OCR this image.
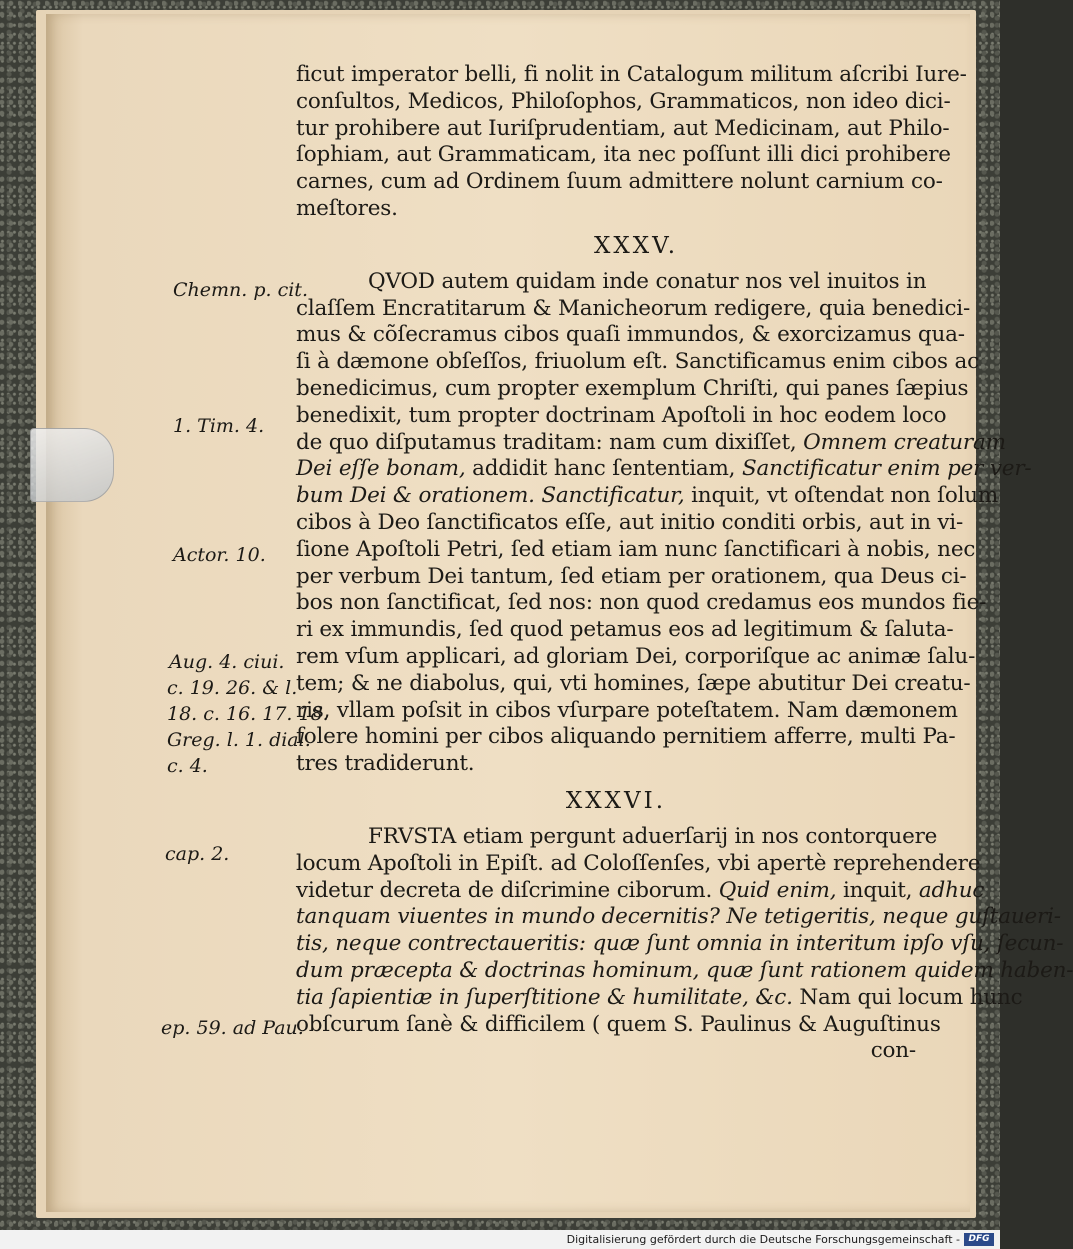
ficut imperator belli, fi nolit in Catalogum militum aſcribi Iure-
conſultos, Medicos, Philoſophos, Grammaticos, non ideo dici-
tur prohibere aut Iuriſprudentiam, aut Medicinam, aut Philo-
ſophiam, aut Grammaticam, ita nec poſſunt illi dici prohibere
carnes, cum ad Ordinem ſuum admittere nolunt carnium co-
meſtores.
XXXV.
QVOD autem quidam inde conatur nos vel inuitos in
claſſem Encratitarum & Manicheorum redigere, quia benedici-
mus & cõſecramus cibos quaſi immundos, & exorcizamus qua-
ſi à dæmone obſeſſos, friuolum eſt. Sanctificamus enim cibos ac
benedicimus, cum propter exemplum Chriſti, qui panes ſæpius
benedixit, tum propter doctrinam Apoſtoli in hoc eodem loco
de quo diſputamus traditam: nam cum dixiſſet, Omnem creaturam
Dei eſſe bonam, addidit hanc ſententiam, Sanctificatur enim per ver-
bum Dei & orationem. Sanctificatur, inquit, vt oſtendat non ſolum
cibos à Deo ſanctificatos eſſe, aut initio conditi orbis, aut in vi-
ſione Apoſtoli Petri, ſed etiam iam nunc ſanctificari à nobis, nec
per verbum Dei tantum, ſed etiam per orationem, qua Deus ci-
bos non ſanctificat, ſed nos: non quod credamus eos mundos fie-
ri ex immundis, ſed quod petamus eos ad legitimum & ſaluta-
rem vſum applicari, ad gloriam Dei, corporiſque ac animæ ſalu-
tem; & ne diabolus, qui, vti homines, ſæpe abutitur Dei creatu-
ris, vllam poſsit in cibos vſurpare poteſtatem. Nam dæmonem
ſolere homini per cibos aliquando pernitiem afferre, multi Pa-
tres tradiderunt.
XXXVI.
FRVSTA etiam pergunt aduerſarij in nos contorquere
locum Apoſtoli in Epiſt. ad Coloſſenſes, vbi apertè reprehendere
videtur decreta de diſcrimine ciborum. Quid enim, inquit, adhuc
tanquam viuentes in mundo decernitis? Ne tetigeritis, neque guſtaueri-
tis, neque contrectaueritis: quæ ſunt omnia in interitum ipſo vſu, ſecun-
dum præcepta & doctrinas hominum, quæ ſunt rationem quidem haben-
tia ſapientiæ in ſuperſtitione & humilitate, &c. Nam qui locum hunc
obſcurum ſanè & difficilem ( quem S. Paulinus & Auguſtinus
con-
Chemn. p. cit.
1. Tim. 4.
Actor. 10.
Aug. 4. ciui.
c. 19. 26. & l.
18. c. 16. 17. 18.
Greg. l. 1. dial.
c. 4.
cap. 2.
ep. 59. ad Pau.
Digitalisierung gefördert durch die Deutsche Forschungsgemeinschaft - DFG
